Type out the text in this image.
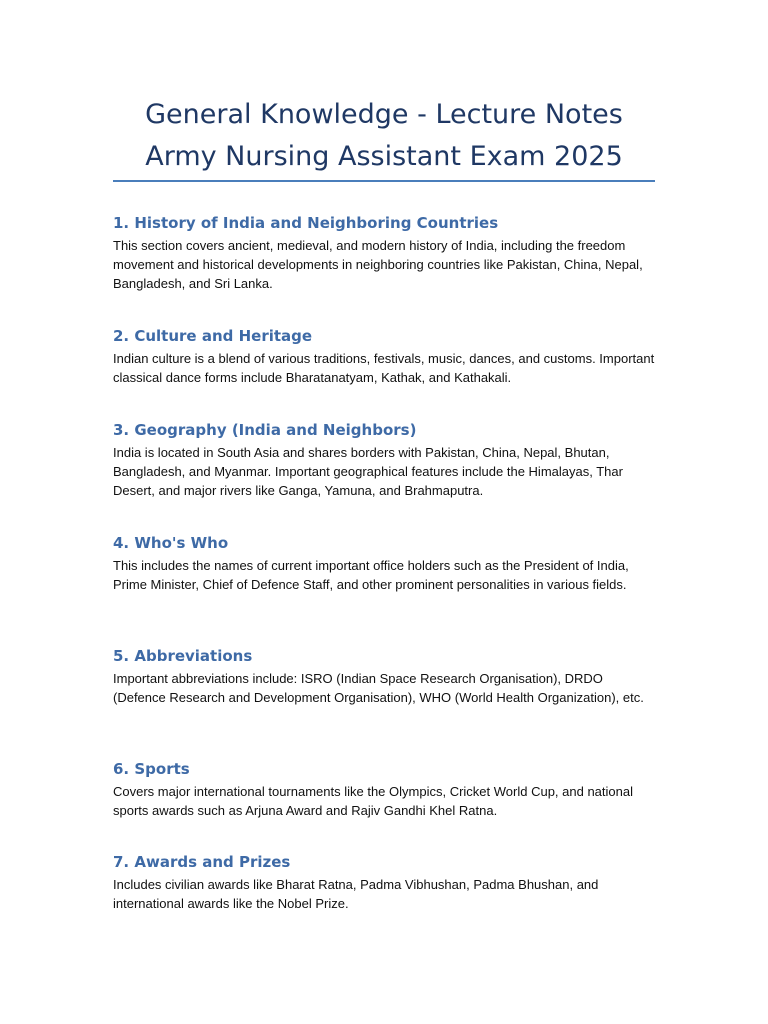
General Knowledge - Lecture Notes
Army Nursing Assistant Exam 2025
1. History of India and Neighboring Countries

This section covers ancient, medieval, and modern history of India, including the freedom movement and historical developments in neighboring countries like Pakistan, China, Nepal, Bangladesh, and Sri Lanka.

2. Culture and Heritage

Indian culture is a blend of various traditions, festivals, music, dances, and customs. Important classical dance forms include Bharatanatyam, Kathak, and Kathakali.

3. Geography (India and Neighbors)

India is located in South Asia and shares borders with Pakistan, China, Nepal, Bhutan, Bangladesh, and Myanmar. Important geographical features include the Himalayas, Thar Desert, and major rivers like Ganga, Yamuna, and Brahmaputra.

4. Who's Who

This includes the names of current important office holders such as the President of India, Prime Minister, Chief of Defence Staff, and other prominent personalities in various fields.

5. Abbreviations

Important abbreviations include: ISRO (Indian Space Research Organisation), DRDO (Defence Research and Development Organisation), WHO (World Health Organization), etc.

6. Sports

Covers major international tournaments like the Olympics, Cricket World Cup, and national sports awards such as Arjuna Award and Rajiv Gandhi Khel Ratna.

7. Awards and Prizes

Includes civilian awards like Bharat Ratna, Padma Vibhushan, Padma Bhushan, and international awards like the Nobel Prize.
